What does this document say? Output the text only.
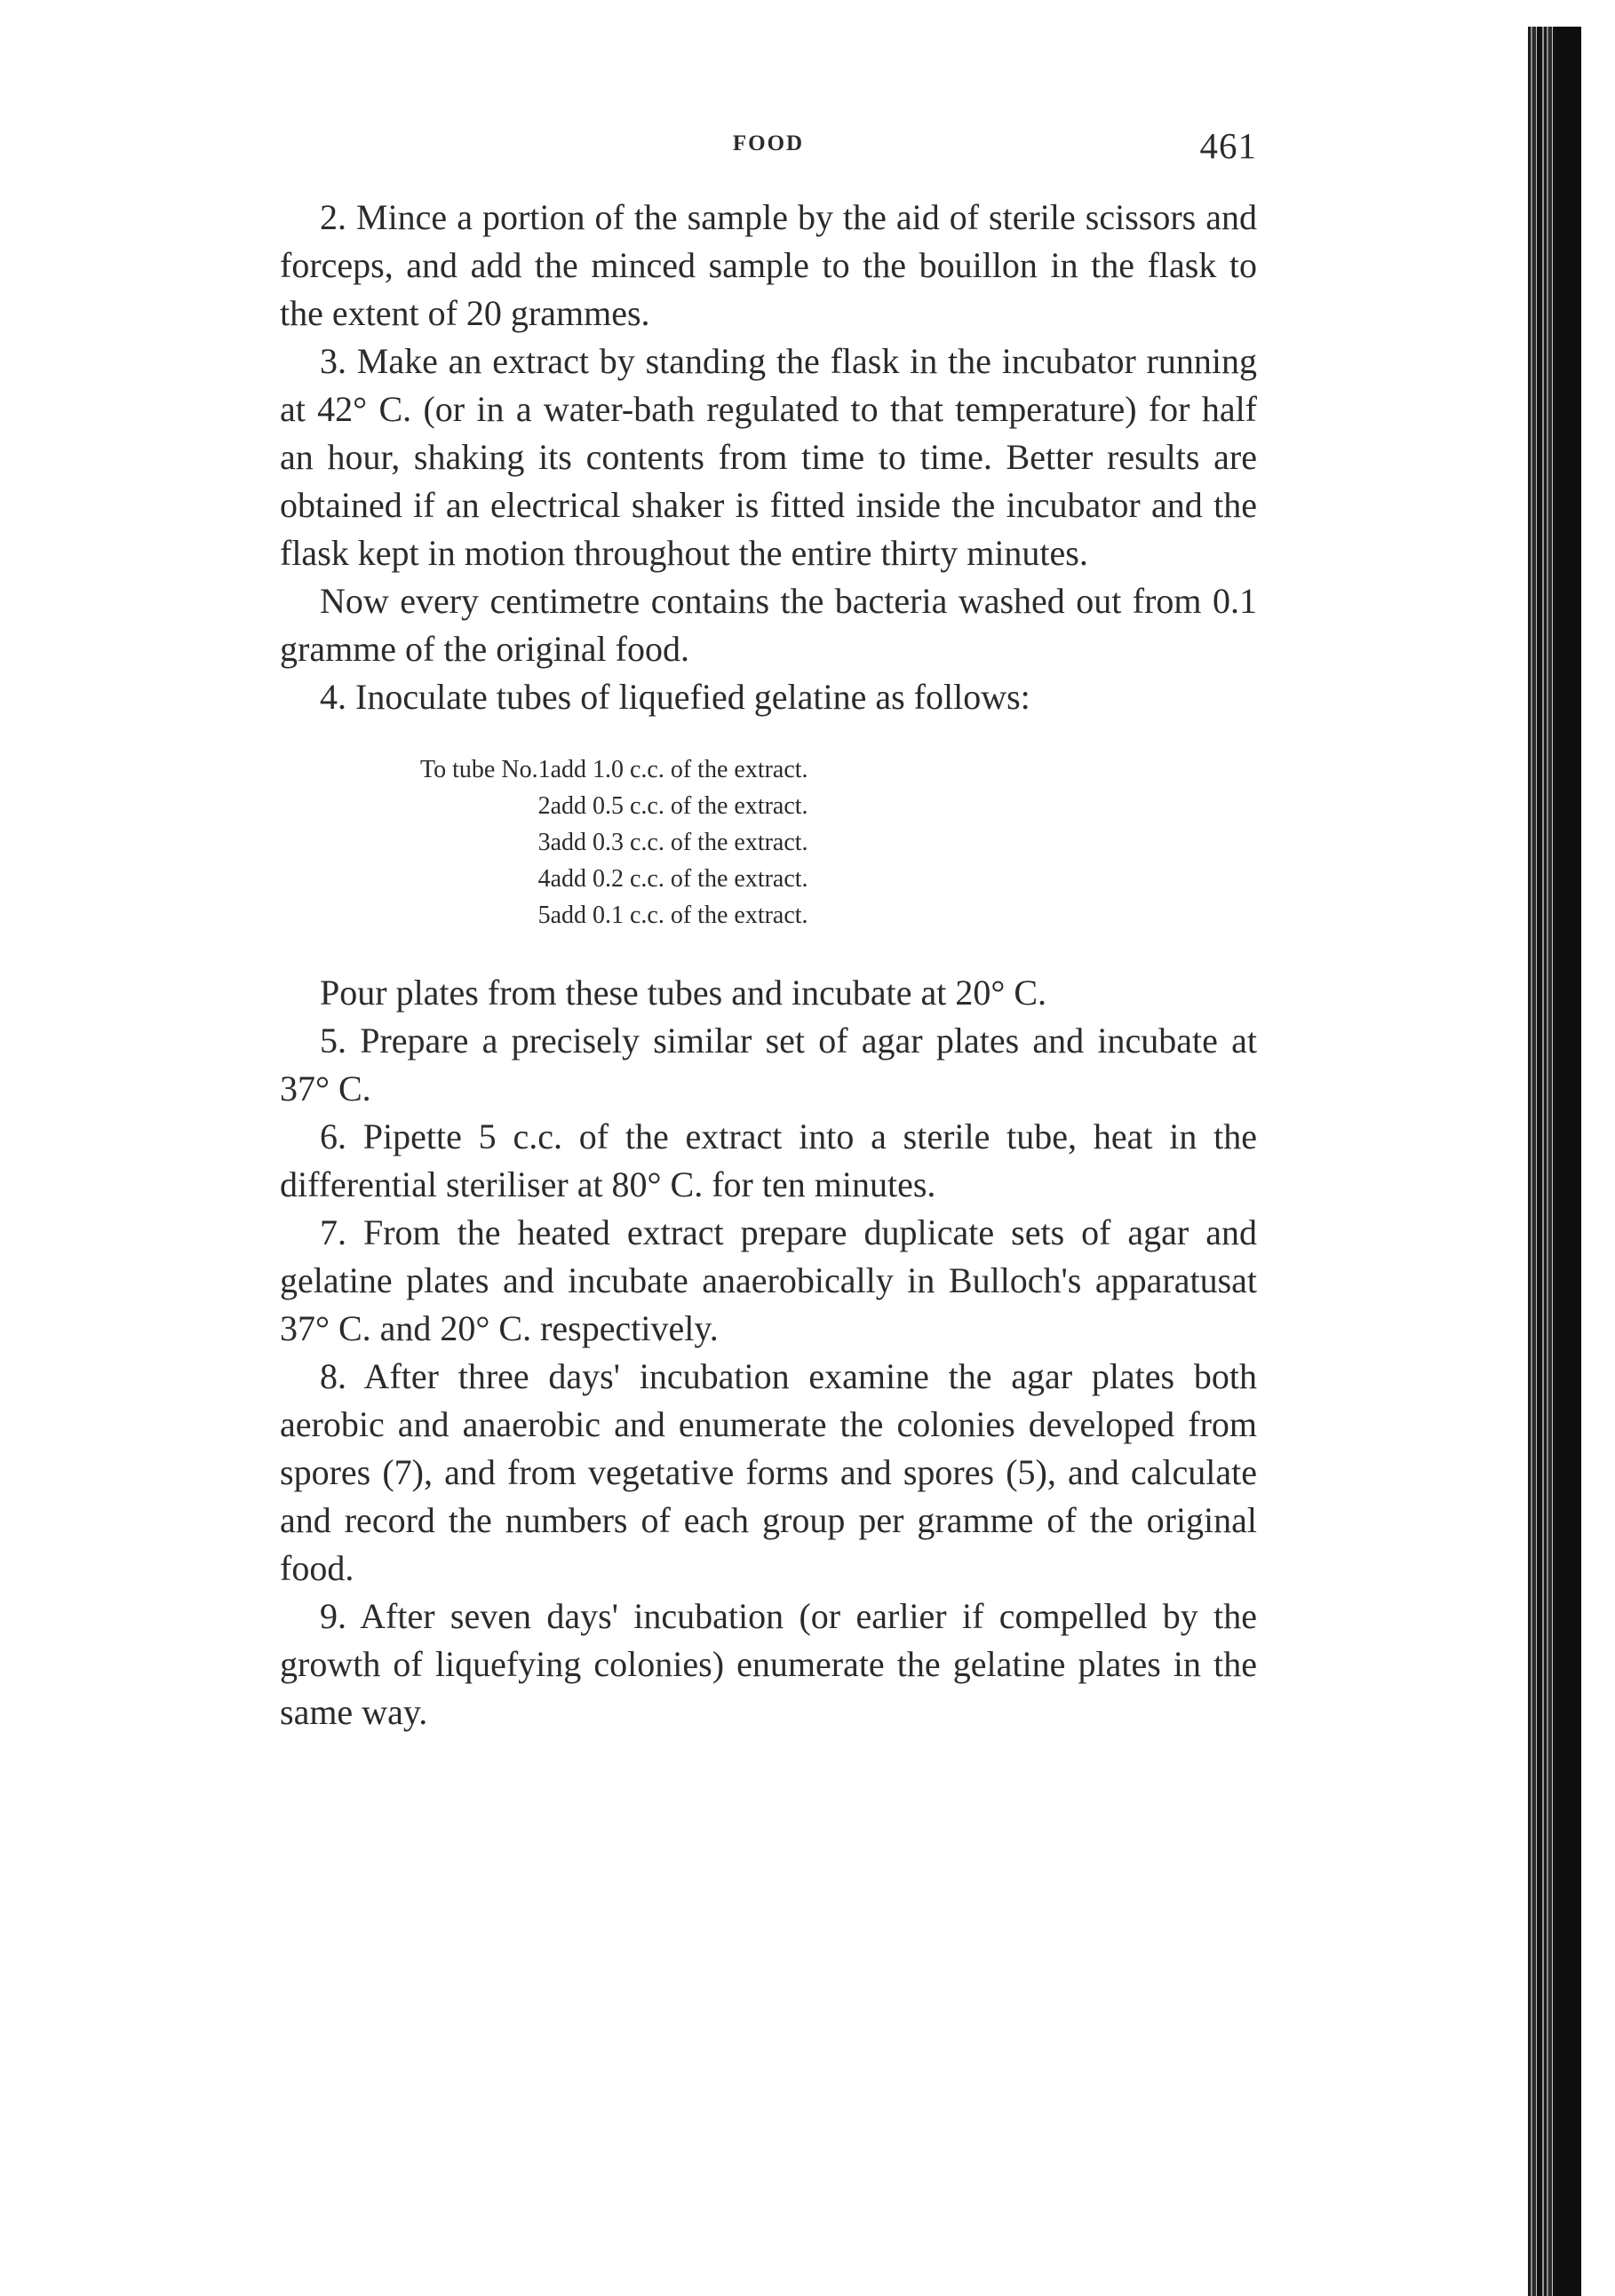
FOOD	461

2. Mince a portion of the sample by the aid of sterile scissors and forceps, and add the minced sample to the bouillon in the flask to the extent of 20 grammes.

3. Make an extract by standing the flask in the incubator running at 42° C. (or in a water-bath regulated to that temperature) for half an hour, shaking its contents from time to time. Better results are obtained if an electrical shaker is fitted inside the incubator and the flask kept in motion throughout the entire thirty minutes.

Now every centimetre contains the bacteria washed out from 0.1 gramme of the original food.

4. Inoculate tubes of liquefied gelatine as follows:

To tube No.	1	add 1.0 c.c. of the extract.
	2	add 0.5 c.c. of the extract.
	3	add 0.3 c.c. of the extract.
	4	add 0.2 c.c. of the extract.
	5	add 0.1 c.c. of the extract.

Pour plates from these tubes and incubate at 20° C.

5. Prepare a precisely similar set of agar plates and incubate at 37° C.

6. Pipette 5 c.c. of the extract into a sterile tube, heat in the differential steriliser at 80° C. for ten minutes.

7. From the heated extract prepare duplicate sets of agar and gelatine plates and incubate anaerobically in Bulloch's apparatusat 37° C. and 20° C. respectively.

8. After three days' incubation examine the agar plates both aerobic and anaerobic and enumerate the colonies developed from spores (7), and from vegetative forms and spores (5), and calculate and record the numbers of each group per gramme of the original food.

9. After seven days' incubation (or earlier if compelled by the growth of liquefying colonies) enumerate the gelatine plates in the same way.
